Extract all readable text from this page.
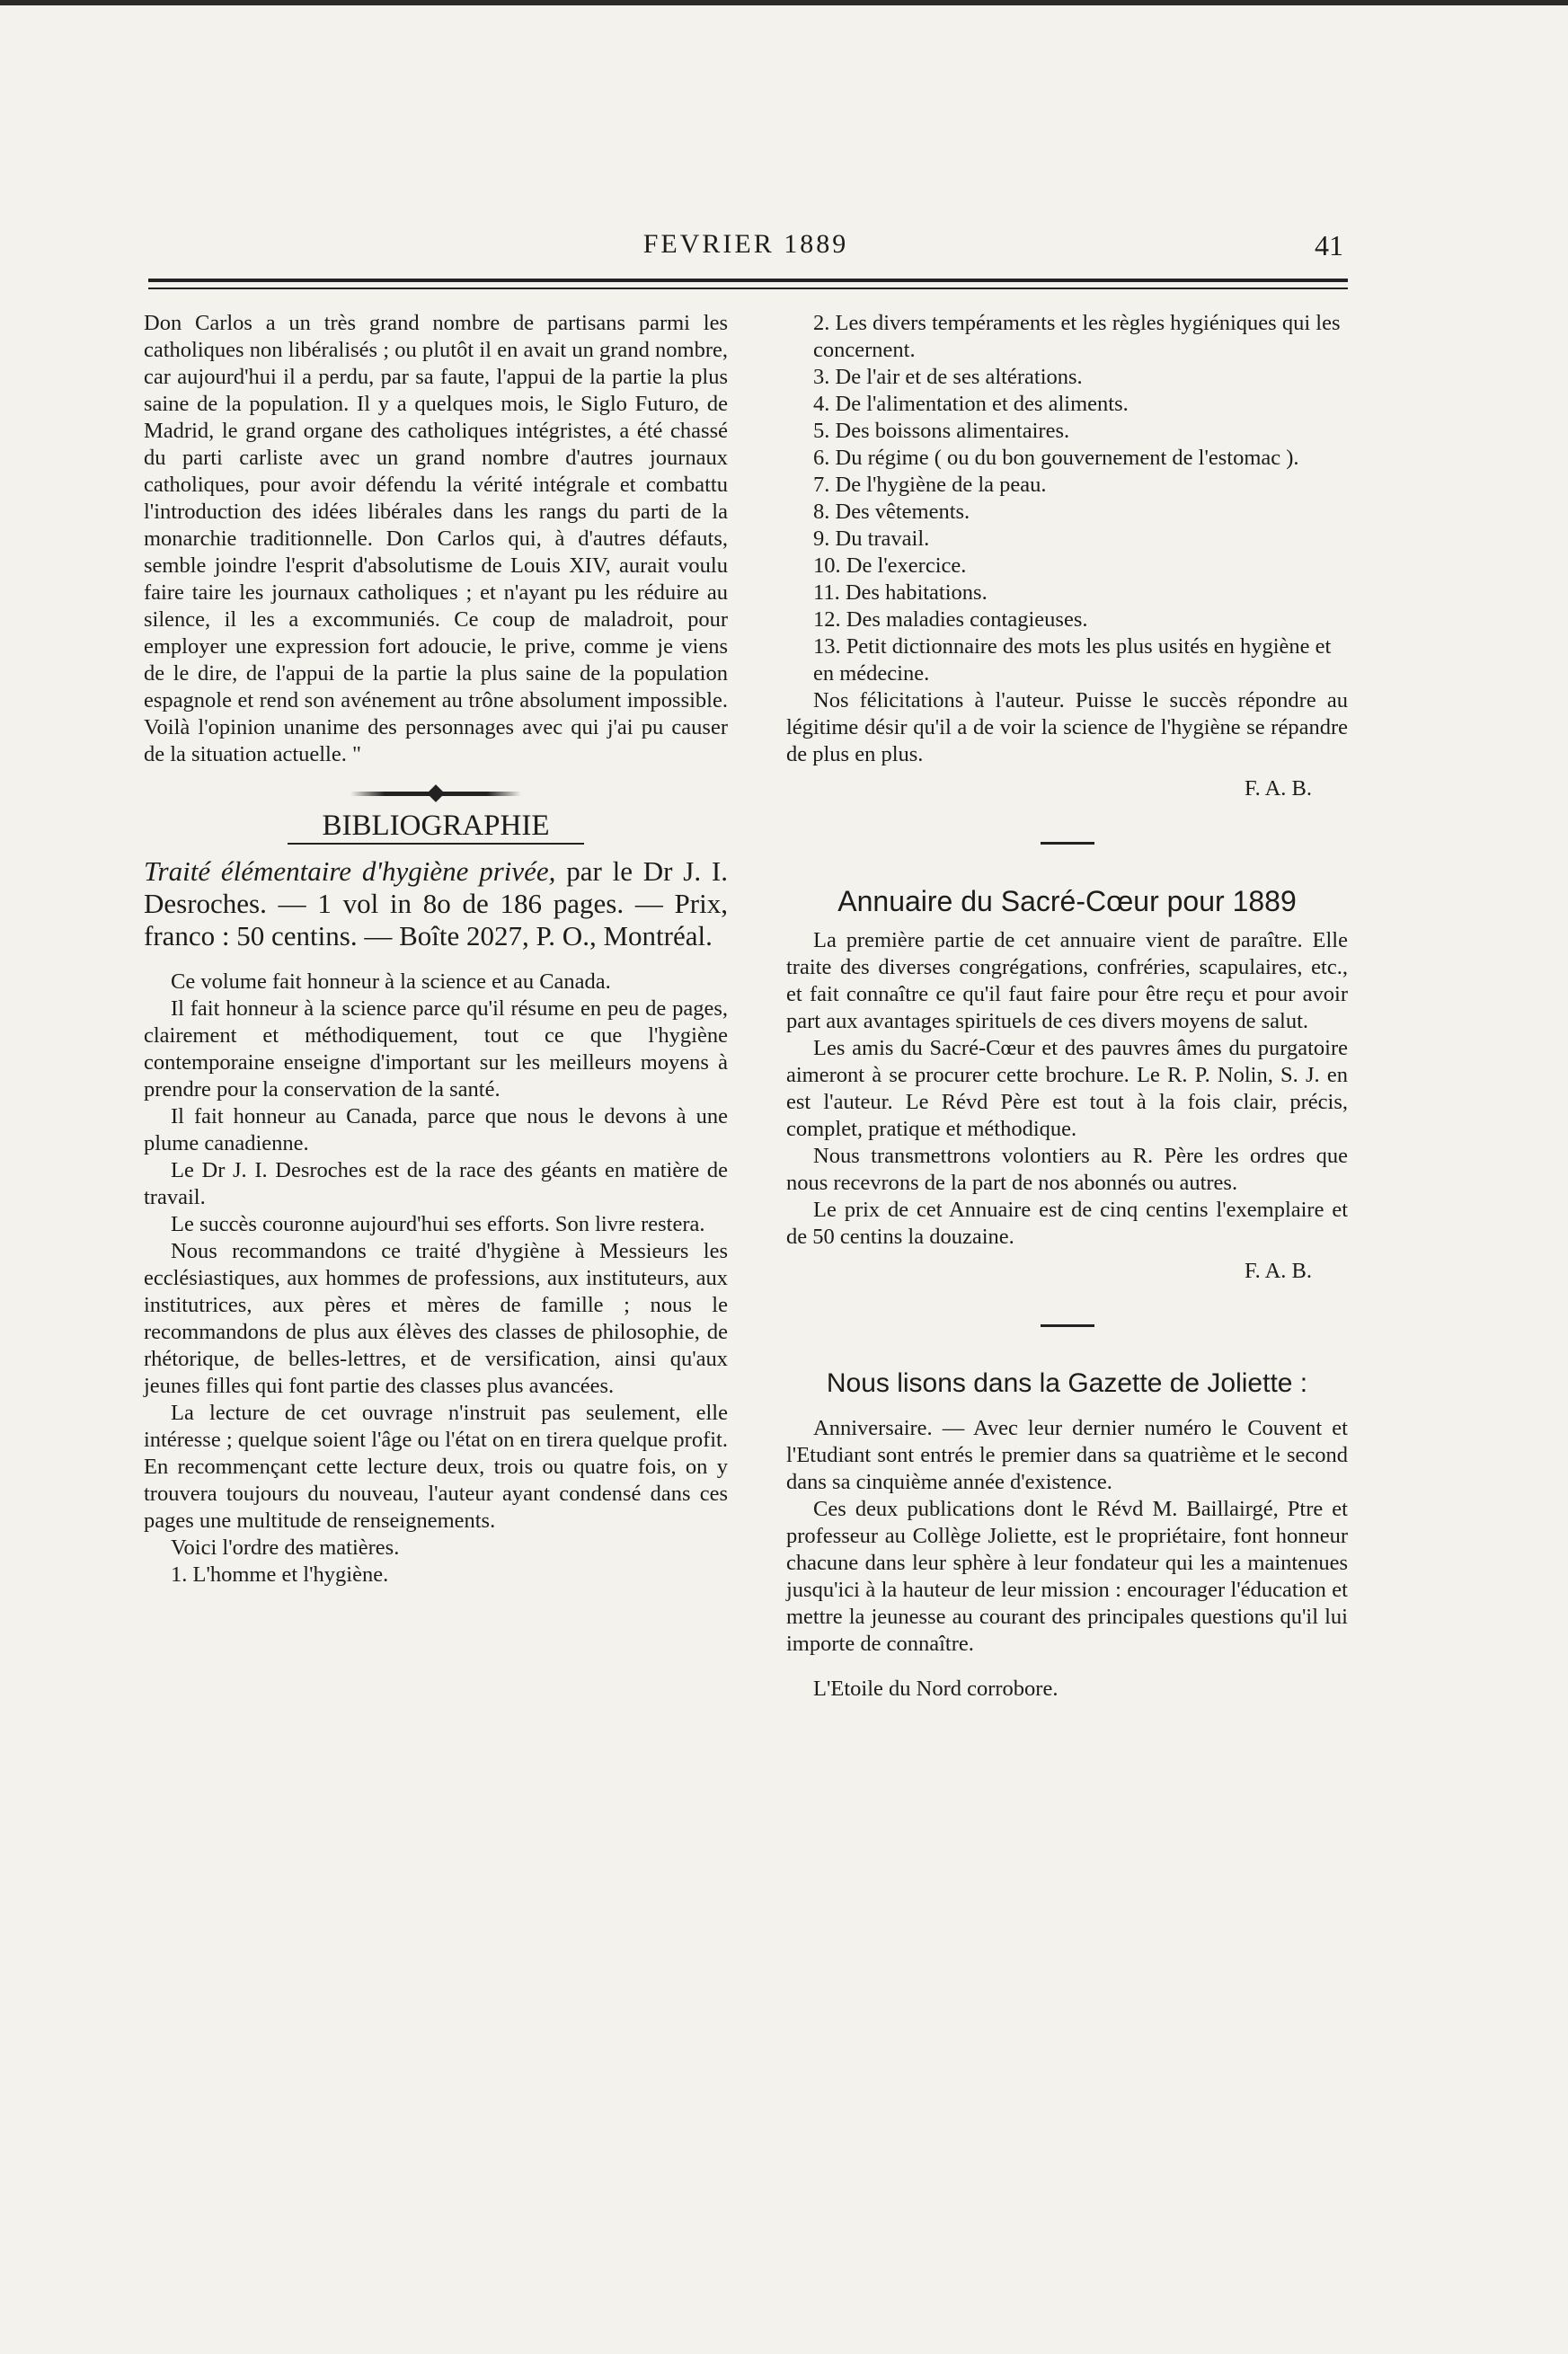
FEVRIER 1889	41

Don Carlos a un très grand nombre de partisans parmi les catholiques non libéralisés ; ou plutôt il en avait un grand nombre, car aujourd'hui il a perdu, par sa faute, l'appui de la partie la plus saine de la population. Il y a quelques mois, le Siglo Futuro, de Madrid, le grand organe des catholiques intégristes, a été chassé du parti carliste avec un grand nombre d'autres journaux catholiques, pour avoir défendu la vérité intégrale et combattu l'introduction des idées libérales dans les rangs du parti de la monarchie traditionnelle. Don Carlos qui, à d'autres défauts, semble joindre l'esprit d'absolutisme de Louis XIV, aurait voulu faire taire les journaux catholiques ; et n'ayant pu les réduire au silence, il les a excommuniés. Ce coup de maladroit, pour employer une expression fort adoucie, le prive, comme je viens de le dire, de l'appui de la partie la plus saine de la population espagnole et rend son avénement au trône absolument impossible. Voilà l'opinion unanime des personnages avec qui j'ai pu causer de la situation actuelle. "

BIBLIOGRAPHIE

Traité élémentaire d'hygiène privée, par le Dr J. I. Desroches. — 1 vol in 8o de 186 pages. — Prix, franco : 50 centins. — Boîte 2027, P. O., Montréal.

Ce volume fait honneur à la science et au Canada.

Il fait honneur à la science parce qu'il résume en peu de pages, clairement et méthodiquement, tout ce que l'hygiène contemporaine enseigne d'important sur les meilleurs moyens à prendre pour la conservation de la santé.

Il fait honneur au Canada, parce que nous le devons à une plume canadienne.

Le Dr J. I. Desroches est de la race des géants en matière de travail.

Le succès couronne aujourd'hui ses efforts. Son livre restera.

Nous recommandons ce traité d'hygiène à Messieurs les ecclésiastiques, aux hommes de professions, aux instituteurs, aux institutrices, aux pères et mères de famille ; nous le recommandons de plus aux élèves des classes de philosophie, de rhétorique, de belles-lettres, et de versification, ainsi qu'aux jeunes filles qui font partie des classes plus avancées.

La lecture de cet ouvrage n'instruit pas seulement, elle intéresse ; quelque soient l'âge ou l'état on en tirera quelque profit. En recommençant cette lecture deux, trois ou quatre fois, on y trouvera toujours du nouveau, l'auteur ayant condensé dans ces pages une multitude de renseignements.

Voici l'ordre des matières.

1. L'homme et l'hygiène.

2. Les divers tempéraments et les règles hygiéniques qui les concernent.
3. De l'air et de ses altérations.
4. De l'alimentation et des aliments.
5. Des boissons alimentaires.
6. Du régime ( ou du bon gouvernement de l'estomac ).
7. De l'hygiène de la peau.
8. Des vêtements.
9. Du travail.
10. De l'exercice.
11. Des habitations.
12. Des maladies contagieuses.
13. Petit dictionnaire des mots les plus usités en hygiène et en médecine.

Nos félicitations à l'auteur. Puisse le succès répondre au légitime désir qu'il a de voir la science de l'hygiène se répandre de plus en plus.

F. A. B.

Annuaire du Sacré-Cœur pour 1889

La première partie de cet annuaire vient de paraître. Elle traite des diverses congrégations, confréries, scapulaires, etc., et fait connaître ce qu'il faut faire pour être reçu et pour avoir part aux avantages spirituels de ces divers moyens de salut.

Les amis du Sacré-Cœur et des pauvres âmes du purgatoire aimeront à se procurer cette brochure. Le R. P. Nolin, S. J. en est l'auteur. Le Révd Père est tout à la fois clair, précis, complet, pratique et méthodique.

Nous transmettrons volontiers au R. Père les ordres que nous recevrons de la part de nos abonnés ou autres.

Le prix de cet Annuaire est de cinq centins l'exemplaire et de 50 centins la douzaine.

F. A. B.

Nous lisons dans la Gazette de Joliette :

Anniversaire. — Avec leur dernier numéro le Couvent et l'Etudiant sont entrés le premier dans sa quatrième et le second dans sa cinquième année d'existence.

Ces deux publications dont le Révd M. Baillairgé, Ptre et professeur au Collège Joliette, est le propriétaire, font honneur chacune dans leur sphère à leur fondateur qui les a maintenues jusqu'ici à la hauteur de leur mission : encourager l'éducation et mettre la jeunesse au courant des principales questions qu'il lui importe de connaître.

L'Etoile du Nord corrobore.
